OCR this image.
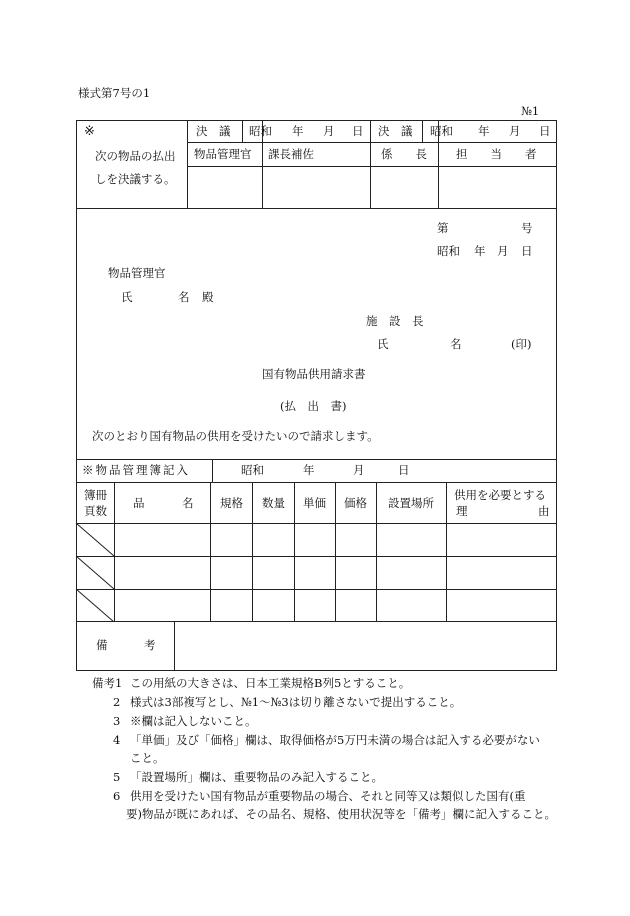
様式第7号の1
№1
※
次の物品の払出
しを決議する。
決　議 昭和 年 月 日 決　議 昭和 年 月 日
物品管理官 課長補佐	係　　長	担　　当　　者
第	号
昭和 年 月 日
物品管理官
氏	名 殿
施　設　長
氏	名	(印)
国有物品供用請求書
(払　出　書)
次のとおり国有物品の供用を受けたいので請求します。
※物品管理簿記入	昭和	年	月	日
簿冊
頁数
品	名 規格 数量 単価 価格 設置場所
供用を必要とする
理	由
備	考
備考1 この用紙の大きさは、日本工業規格B列5とすること。
2 様式は3部複写とし、№1～№3は切り離さないで提出すること。
3 ※欄は記入しないこと。
4 「単価」及び「価格」欄は、取得価格が5万円未満の場合は記入する必要がない
こと。
5 「設置場所」欄は、重要物品のみ記入すること。
6 供用を受けたい国有物品が重要物品の場合、それと同等又は類似した国有(重
要)物品が既にあれば、その品名、規格、使用状況等を「備考」欄に記入すること。
